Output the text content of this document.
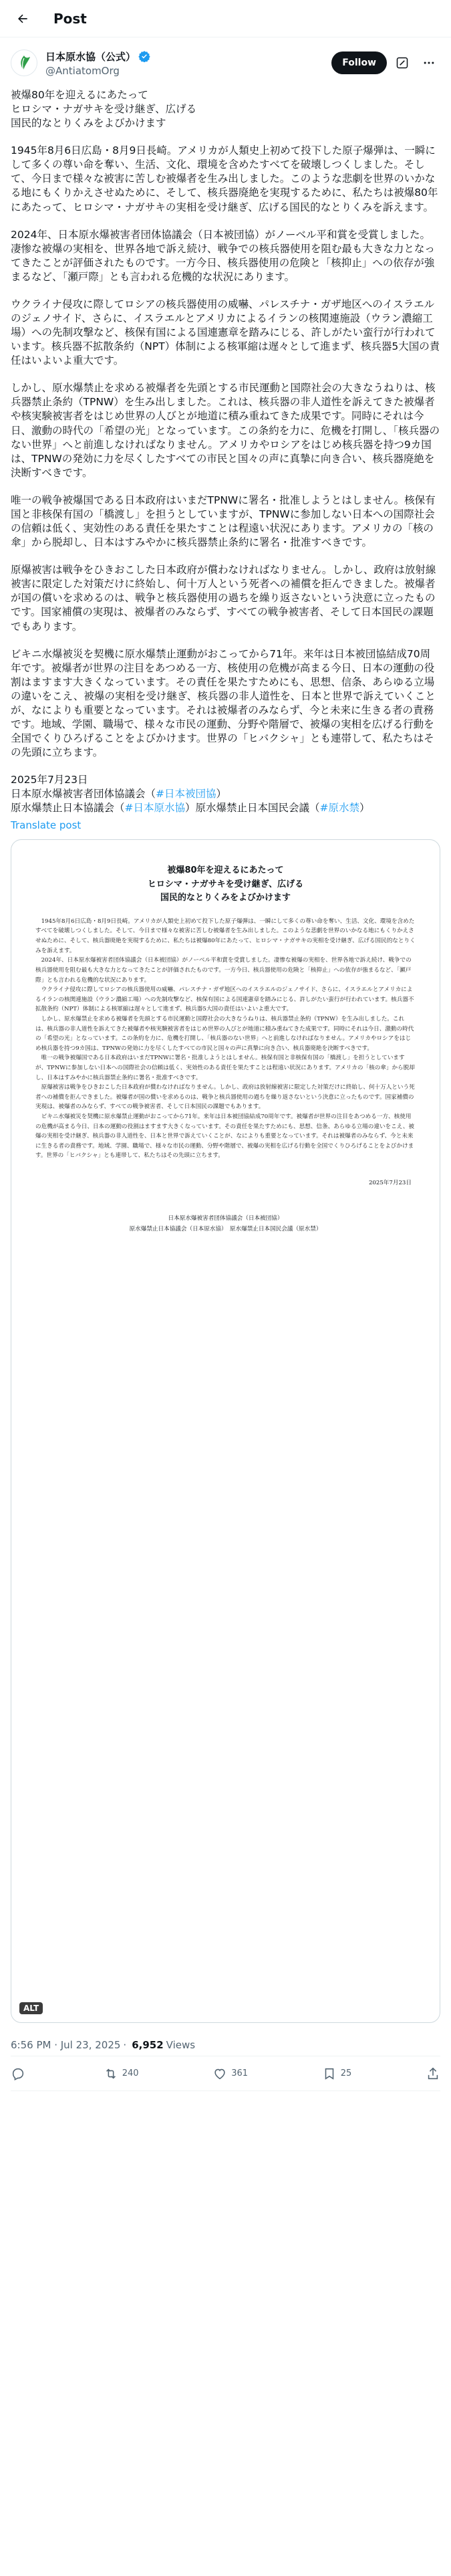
Post
日本原水協（公式）
@AntiatomOrg
Follow
被爆80年を迎えるにあたって
ヒロシマ・ナガサキを受け継ぎ、広げる
国民的なとりくみをよびかけます
1945年8月6日広島・8月9日長崎。アメリカが人類史上初めて投下した原子爆弾は、一瞬にして多くの尊い命を奪い、生活、文化、環境を含めたすべてを破壊しつくしました。そして、今日まで様々な被害に苦しむ被爆者を生み出しました。このような悲劇を世界のいかなる地にもくりかえさせぬために、そして、核兵器廃絶を実現するために、私たちは被爆80年にあたって、ヒロシマ・ナガサキの実相を受け継ぎ、広げる国民的なとりくみを訴えます。
2024年、日本原水爆被害者団体協議会（日本被団協）がノーベル平和賞を受賞しました。凄惨な被爆の実相を、世界各地で訴え続け、戦争での核兵器使用を阻む最も大きな力となってきたことが評価されたものです。一方今日、核兵器使用の危険と「核抑止」への依存が強まるなど、「瀬戸際」とも言われる危機的な状況にあります。
ウクライナ侵攻に際してロシアの核兵器使用の威嚇、パレスチナ・ガザ地区へのイスラエルのジェノサイド、さらに、イスラエルとアメリカによるイランの核関連施設（ウラン濃縮工場）への先制攻撃など、核保有国による国連憲章を踏みにじる、許しがたい蛮行が行われています。核兵器不拡散条約（NPT）体制による核軍縮は遅々として進まず、核兵器5大国の責任はいよいよ重大です。
しかし、原水爆禁止を求める被爆者を先頭とする市民運動と国際社会の大きなうねりは、核兵器禁止条約（TPNW）を生み出しました。これは、核兵器の非人道性を訴えてきた被爆者や核実験被害者をはじめ世界の人びとが地道に積み重ねてきた成果です。同時にそれは今日、激動の時代の「希望の光」となっています。この条約を力に、危機を打開し、「核兵器のない世界」へと前進しなければなりません。アメリカやロシアをはじめ核兵器を持つ9カ国は、TPNWの発効に力を尽くしたすべての市民と国々の声に真摯に向き合い、核兵器廃絶を決断すべきです。
唯一の戦争被爆国である日本政府はいまだTPNWに署名・批准しようとはしません。核保有国と非核保有国の「橋渡し」を担うとしていますが、TPNWに参加しない日本への国際社会の信頼は低く、実効性のある責任を果たすことは程遠い状況にあります。アメリカの「核の傘」から脱却し、日本はすみやかに核兵器禁止条約に署名・批准すべきです。
原爆被害は戦争をひきおこした日本政府が償わなければなりません。しかし、政府は放射線被害に限定した対策だけに終始し、何十万人という死者への補償を拒んできました。被爆者が国の償いを求めるのは、戦争と核兵器使用の過ちを繰り返さないという決意に立ったものです。国家補償の実現は、被爆者のみならず、すべての戦争被害者、そして日本国民の課題でもあります。
ビキニ水爆被災を契機に原水爆禁止運動がおこってから71年。来年は日本被団協結成70周年です。被爆者が世界の注目をあつめる一方、核使用の危機が高まる今日、日本の運動の役割はますます大きくなっています。その責任を果たすためにも、思想、信条、あらゆる立場の違いをこえ、被爆の実相を受け継ぎ、核兵器の非人道性を、日本と世界で訴えていくことが、なによりも重要となっています。それは被爆者のみならず、今と未来に生きる者の責務です。地域、学園、職場で、様々な市民の運動、分野や階層で、被爆の実相を広げる行動を全国でくりひろげることをよびかけます。世界の「ヒバクシャ」とも連帯して、私たちはその先頭に立ちます。
2025年7月23日
日本原水爆被害者団体協議会（#日本被団協）
原水爆禁止日本協議会（#日本原水協）原水爆禁止日本国民会議（#原水禁）
Translate post
被爆80年を迎えるにあたって
ヒロシマ・ナガサキを受け継ぎ、広げる
国民的なとりくみをよびかけます
　1945年8月6日広島・8月9日長崎。アメリカが人類史上初めて投下した原子爆弾は、一瞬にして多くの尊い命を奪い、生活、文化、環境を含めたすべてを破壊しつくしました。そして、今日まで様々な被害に苦しむ被爆者を生み出しました。このような悲劇を世界のいかなる地にもくりかえさせぬために、そして、核兵器廃絶を実現するために、私たちは被爆80年にあたって、ヒロシマ・ナガサキの実相を受け継ぎ、広げる国民的なとりくみを訴えます。
　2024年、日本原水爆被害者団体協議会（日本被団協）がノーベル平和賞を受賞しました。凄惨な被爆の実相を、世界各地で訴え続け、戦争での核兵器使用を阻む最も大きな力となってきたことが評価されたものです。一方今日、核兵器使用の危険と「核抑止」への依存が強まるなど、「瀬戸際」とも言われる危機的な状況にあります。
　ウクライナ侵攻に際してロシアの核兵器使用の威嚇、パレスチナ・ガザ地区へのイスラエルのジェノサイド、さらに、イスラエルとアメリカによるイランの核関連施設（ウラン濃縮工場）への先制攻撃など、核保有国による国連憲章を踏みにじる、許しがたい蛮行が行われています。核兵器不拡散条約（NPT）体制による核軍縮は遅々として進まず、核兵器5大国の責任はいよいよ重大です。
　しかし、原水爆禁止を求める被爆者を先頭とする市民運動と国際社会の大きなうねりは、核兵器禁止条約（TPNW）を生み出しました。これは、核兵器の非人道性を訴えてきた被爆者や核実験被害者をはじめ世界の人びとが地道に積み重ねてきた成果です。同時にそれは今日、激動の時代の「希望の光」となっています。この条約を力に、危機を打開し、「核兵器のない世界」へと前進しなければなりません。アメリカやロシアをはじめ核兵器を持つ9カ国は、TPNWの発効に力を尽くしたすべての市民と国々の声に真摯に向き合い、核兵器廃絶を決断すべきです。
　唯一の戦争被爆国である日本政府はいまだTPNWに署名・批准しようとはしません。核保有国と非核保有国の「橋渡し」を担うとしていますが、TPNWに参加しない日本への国際社会の信頼は低く、実効性のある責任を果たすことは程遠い状況にあります。アメリカの「核の傘」から脱却し、日本はすみやかに核兵器禁止条約に署名・批准すべきです。
　原爆被害は戦争をひきおこした日本政府が償わなければなりません。しかし、政府は放射線被害に限定した対策だけに終始し、何十万人という死者への補償を拒んできました。被爆者が国の償いを求めるのは、戦争と核兵器使用の過ちを繰り返さないという決意に立ったものです。国家補償の実現は、被爆者のみならず、すべての戦争被害者、そして日本国民の課題でもあります。
　ビキニ水爆被災を契機に原水爆禁止運動がおこってから71年。来年は日本被団協結成70周年です。被爆者が世界の注目をあつめる一方、核使用の危機が高まる今日、日本の運動の役割はますます大きくなっています。その責任を果たすためにも、思想、信条、あらゆる立場の違いをこえ、被爆の実相を受け継ぎ、核兵器の非人道性を、日本と世界で訴えていくことが、なによりも重要となっています。それは被爆者のみならず、今と未来に生きる者の責務です。地域、学園、職場で、様々な市民の運動、分野や階層で、被爆の実相を広げる行動を全国でくりひろげることをよびかけます。世界の「ヒバクシャ」とも連帯して、私たちはその先頭に立ちます。
2025年7月23日
日本原水爆被害者団体協議会（日本被団協）
原水爆禁止日本協議会（日本原水協）　原水爆禁止日本国民会議（原水禁）
ALT
6:56 PM · Jul 23, 2025 · 6,952 Views
240	361	25
